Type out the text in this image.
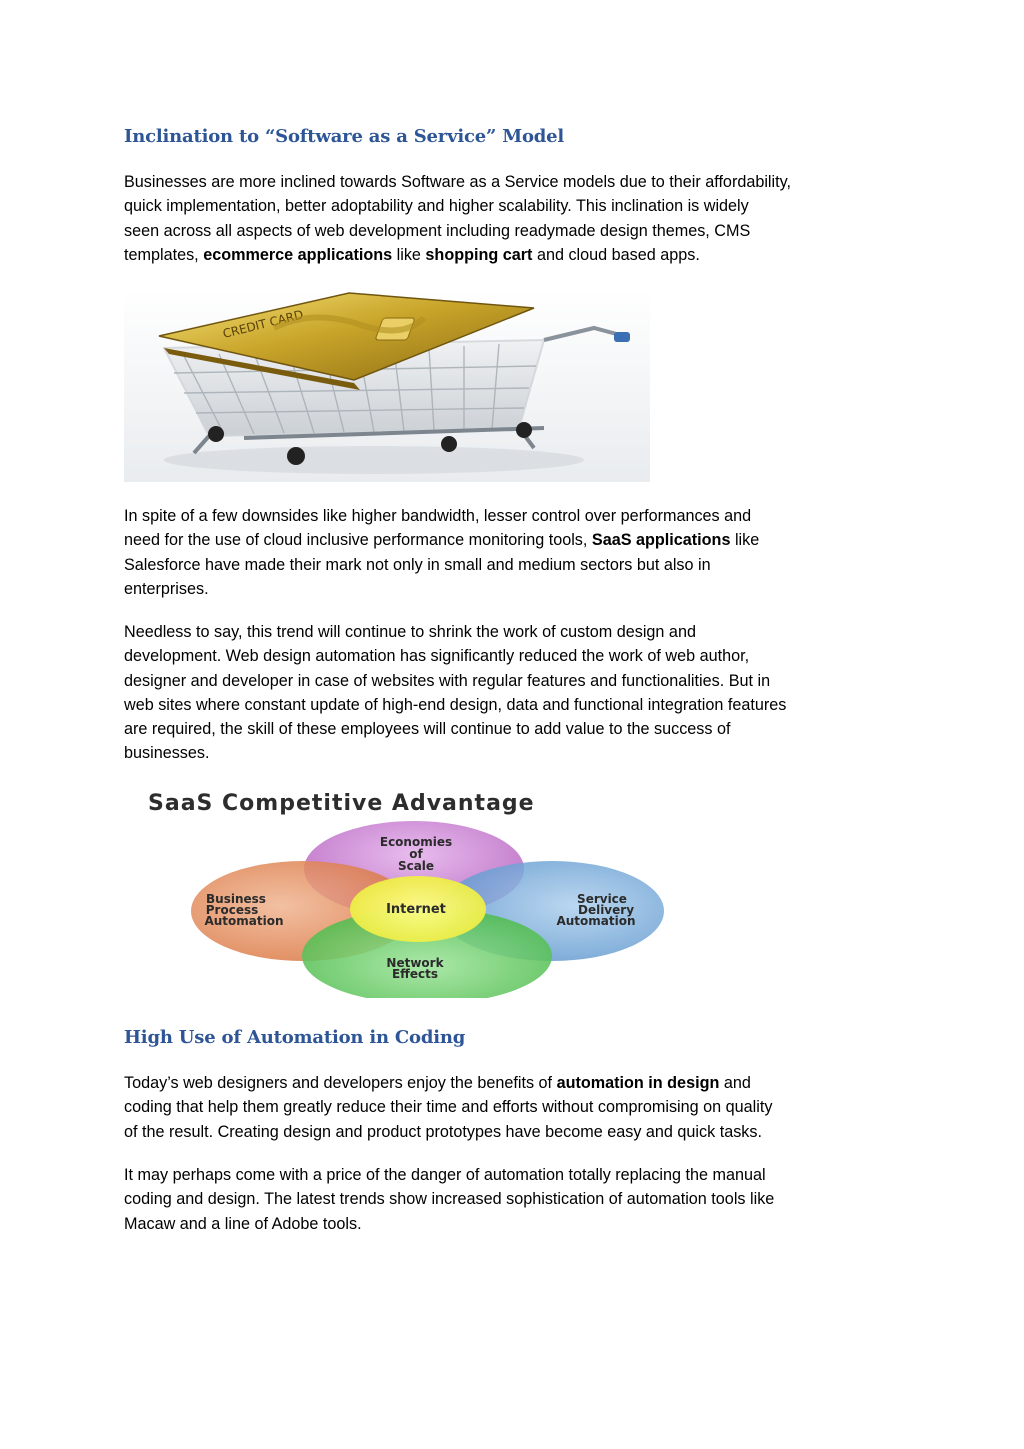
Inclination to “Software as a Service” Model

Businesses are more inclined towards Software as a Service models due to their affordability,
quick implementation, better adoptability and higher scalability. This inclination is widely
seen across all aspects of web development including readymade design themes, CMS
templates, ecommerce applications like shopping cart and cloud based apps.

CREDIT CARD

In spite of a few downsides like higher bandwidth, lesser control over performances and
need for the use of cloud inclusive performance monitoring tools, SaaS applications like
Salesforce have made their mark not only in small and medium sectors but also in
enterprises.

Needless to say, this trend will continue to shrink the work of custom design and
development. Web design automation has significantly reduced the work of web author,
designer and developer in case of websites with regular features and functionalities. But in
web sites where constant update of high-end design, data and functional integration features
are required, the skill of these employees will continue to add value to the success of
businesses.

SaaS Competitive Advantage
Economies
of
Scale
Business
Process
Automation
Service
Delivery
Automation
Network
Effects
Internet
High Use of Automation in Coding

Today’s web designers and developers enjoy the benefits of automation in design and
coding that help them greatly reduce their time and efforts without compromising on quality
of the result. Creating design and product prototypes have become easy and quick tasks.

It may perhaps come with a price of the danger of automation totally replacing the manual
coding and design. The latest trends show increased sophistication of automation tools like
Macaw and a line of Adobe tools.
